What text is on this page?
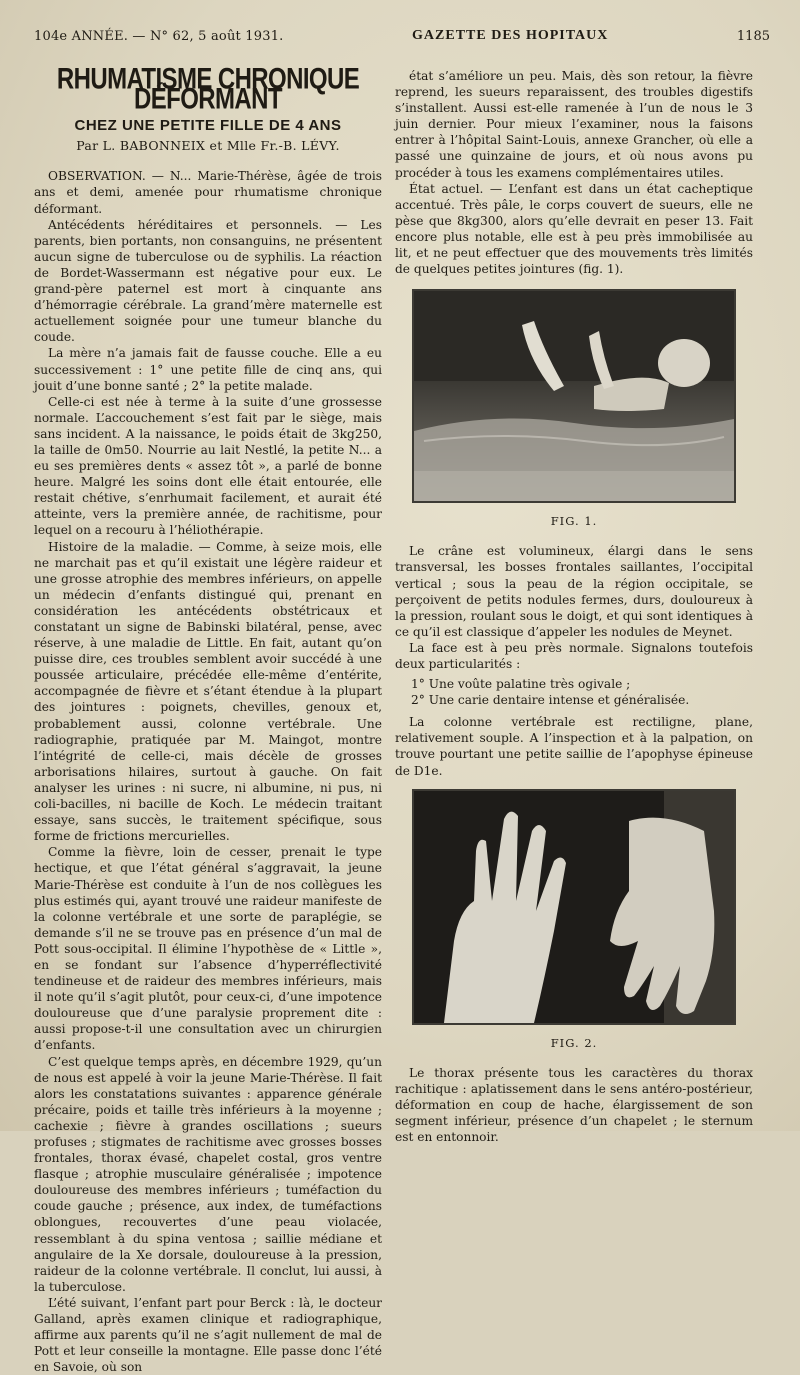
104e ANNÉE. — N° 62, 5 août 1931.	GAZETTE DES HOPITAUX	1185
RHUMATISME CHRONIQUE DÉFORMANT
CHEZ UNE PETITE FILLE DE 4 ANS
Par L. BABONNEIX et Mlle Fr.-B. LÉVY.

OBSERVATION. — N... Marie-Thérèse, âgée de trois ans et demi, amenée pour rhumatisme chronique déformant.

Antécédents héréditaires et personnels. — Les parents, bien portants, non consanguins, ne présentent aucun signe de tuberculose ou de syphilis. La réaction de Bordet-Wassermann est négative pour eux. Le grand-père paternel est mort à cinquante ans d’hémorragie cérébrale. La grand’mère maternelle est actuellement soignée pour une tumeur blanche du coude.

La mère n’a jamais fait de fausse couche. Elle a eu successivement : 1° une petite fille de cinq ans, qui jouit d’une bonne santé ; 2° la petite malade.

Celle-ci est née à terme à la suite d’une grossesse normale. L’accouchement s’est fait par le siège, mais sans incident. A la naissance, le poids était de 3kg250, la taille de 0m50. Nourrie au lait Nestlé, la petite N... a eu ses premières dents « assez tôt », a parlé de bonne heure. Malgré les soins dont elle était entourée, elle restait chétive, s’enrhumait facilement, et aurait été atteinte, vers la première année, de rachitisme, pour lequel on a recouru à l’héliothérapie.

Histoire de la maladie. — Comme, à seize mois, elle ne marchait pas et qu’il existait une légère raideur et une grosse atrophie des membres inférieurs, on appelle un médecin d’enfants distingué qui, prenant en considération les antécédents obstétricaux et constatant un signe de Babinski bilatéral, pense, avec réserve, à une maladie de Little. En fait, autant qu’on puisse dire, ces troubles semblent avoir succédé à une poussée articulaire, précédée elle-même d’entérite, accompagnée de fièvre et s’étant étendue à la plupart des jointures : poignets, chevilles, genoux et, probablement aussi, colonne vertébrale. Une radiographie, pratiquée par M. Maingot, montre l’intégrité de celle-ci, mais décèle de grosses arborisations hilaires, surtout à gauche. On fait analyser les urines : ni sucre, ni albumine, ni pus, ni coli-bacilles, ni bacille de Koch. Le médecin traitant essaye, sans succès, le traitement spécifique, sous forme de frictions mercurielles.

Comme la fièvre, loin de cesser, prenait le type hectique, et que l’état général s’aggravait, la jeune Marie-Thérèse est conduite à l’un de nos collègues les plus estimés qui, ayant trouvé une raideur manifeste de la colonne vertébrale et une sorte de paraplégie, se demande s’il ne se trouve pas en présence d’un mal de Pott sous-occipital. Il élimine l’hypothèse de « Little », en se fondant sur l’absence d’hyperréflectivité tendineuse et de raideur des membres inférieurs, mais il note qu’il s’agit plutôt, pour ceux-ci, d’une impotence douloureuse que d’une paralysie proprement dite : aussi propose-t-il une consultation avec un chirurgien d’enfants.

C’est quelque temps après, en décembre 1929, qu’un de nous est appelé à voir la jeune Marie-Thérèse. Il fait alors les constatations suivantes : apparence générale précaire, poids et taille très inférieurs à la moyenne ; cachexie ; fièvre à grandes oscillations ; sueurs profuses ; stigmates de rachitisme avec grosses bosses frontales, thorax évasé, chapelet costal, gros ventre flasque ; atrophie musculaire généralisée ; impotence douloureuse des membres inférieurs ; tuméfaction du coude gauche ; présence, aux index, de tuméfactions oblongues, recouvertes d’une peau violacée, ressemblant à du spina ventosa ; saillie médiane et angulaire de la Xe dorsale, douloureuse à la pression, raideur de la colonne vertébrale. Il conclut, lui aussi, à la tuberculose.

L’été suivant, l’enfant part pour Berck : là, le docteur Galland, après examen clinique et radiographique, affirme aux parents qu’il ne s’agit nullement de mal de Pott et leur conseille la montagne. Elle passe donc l’été en Savoie, où son

état s’améliore un peu. Mais, dès son retour, la fièvre reprend, les sueurs reparaissent, des troubles digestifs s’installent. Aussi est-elle ramenée à l’un de nous le 3 juin dernier. Pour mieux l’examiner, nous la faisons entrer à l’hôpital Saint-Louis, annexe Grancher, où elle a passé une quinzaine de jours, et où nous avons pu procéder à tous les examens complémentaires utiles.

État actuel. — L’enfant est dans un état cacheptique accentué. Très pâle, le corps couvert de sueurs, elle ne pèse que 8kg300, alors qu’elle devrait en peser 13. Fait encore plus notable, elle est à peu près immobilisée au lit, et ne peut effectuer que des mouvements très limités de quelques petites jointures (fig. 1).

FIG. 1.

Le crâne est volumineux, élargi dans le sens transversal, les bosses frontales saillantes, l’occipital vertical ; sous la peau de la région occipitale, se perçoivent de petits nodules fermes, durs, douloureux à la pression, roulant sous le doigt, et qui sont identiques à ce qu’il est classique d’appeler les nodules de Meynet.

La face est à peu près normale. Signalons toutefois deux particularités :

1° Une voûte palatine très ogivale ;
2° Une carie dentaire intense et généralisée.

La colonne vertébrale est rectiligne, plane, relativement souple. A l’inspection et à la palpation, on trouve pourtant une petite saillie de l’apophyse épineuse de D1e.

FIG. 2.

Le thorax présente tous les caractères du thorax rachitique : aplatissement dans le sens antéro-postérieur, déformation en coup de hache, élargissement de son segment inférieur, présence d’un chapelet ; le sternum est en entonnoir.
